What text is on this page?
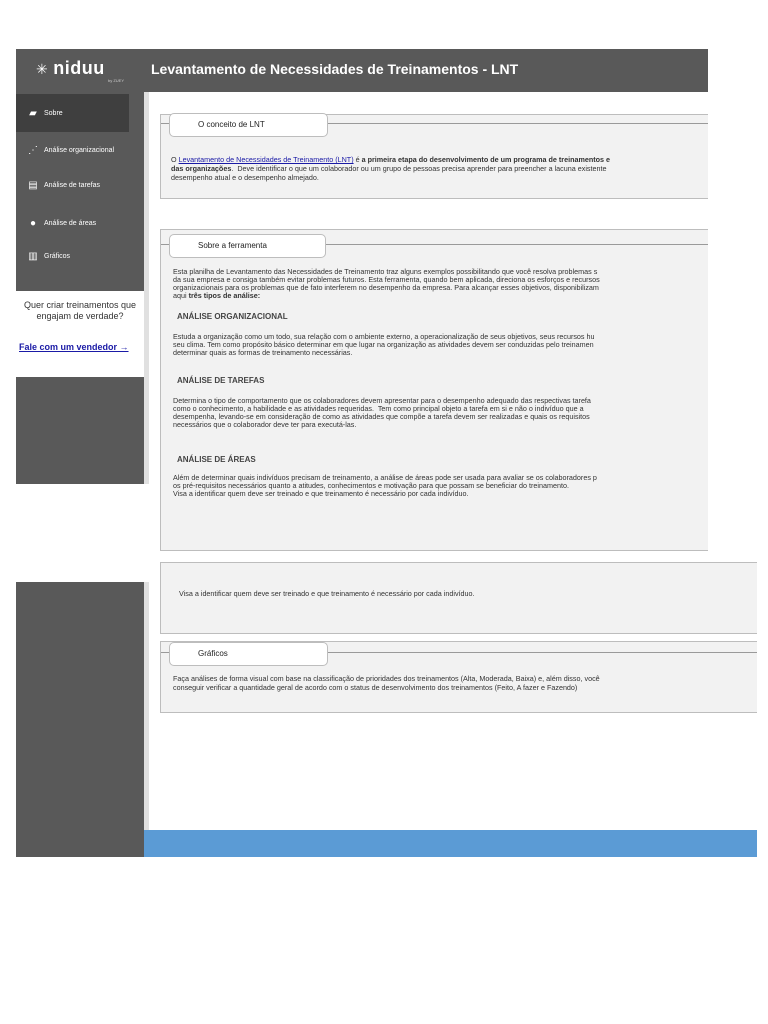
▰	Sobre
⋰ Análise organizacional
▤ Análise de tarefas
●	Análise de áreas
▥ Gráficos
Quer criar treinamentos que engajam de verdade?
Fale com um vendedor →
✳ niduu
by ZUEY
Levantamento de Necessidades de Treinamentos - LNT
O conceito de LNT
O Levantamento de Necessidades de Treinamento (LNT) é a primeira etapa do desenvolvimento de um programa de treinamentos e
das organizações.  Deve identificar o que um colaborador ou um grupo de pessoas precisa aprender para preencher a lacuna existente
desempenho atual e o desempenho almejado.
Sobre a ferramenta
Esta planilha de Levantamento das Necessidades de Treinamento traz alguns exemplos possibilitando que você resolva problemas s
da sua empresa e consiga também evitar problemas futuros. Esta ferramenta, quando bem aplicada, direciona os esforços e recursos
organizacionais para os problemas que de fato interferem no desempenho da empresa. Para alcançar esses objetivos, disponibilizam
aqui três tipos de análise:
ANÁLISE ORGANIZACIONAL
Estuda a organização como um todo, sua relação com o ambiente externo, a operacionalização de seus objetivos, seus recursos hu
seu clima. Tem como propósito básico determinar em que lugar na organização as atividades devem ser conduzidas pelo treinamen
determinar quais as formas de treinamento necessárias.
ANÁLISE DE TAREFAS
Determina o tipo de comportamento que os colaboradores devem apresentar para o desempenho adequado das respectivas tarefa
como o conhecimento, a habilidade e as atividades requeridas.  Tem como principal objeto a tarefa em si e não o indivíduo que a
desempenha, levando-se em consideração de como as atividades que compõe a tarefa devem ser realizadas e quais os requisitos
necessários que o colaborador deve ter para executá-las.
ANÁLISE DE ÁREAS
Além de determinar quais indivíduos precisam de treinamento, a análise de áreas pode ser usada para avaliar se os colaboradores p
os pré-requisitos necessários quanto a atitudes, conhecimentos e motivação para que possam se beneficiar do treinamento.
Visa a identificar quem deve ser treinado e que treinamento é necessário por cada indivíduo.
Visa a identificar quem deve ser treinado e que treinamento é necessário por cada indivíduo.
Gráficos
Faça análises de forma visual com base na classificação de prioridades dos treinamentos (Alta, Moderada, Baixa) e, além disso, você
conseguir verificar a quantidade geral de acordo com o status de desenvolvimento dos treinamentos (Feito, A fazer e Fazendo)
